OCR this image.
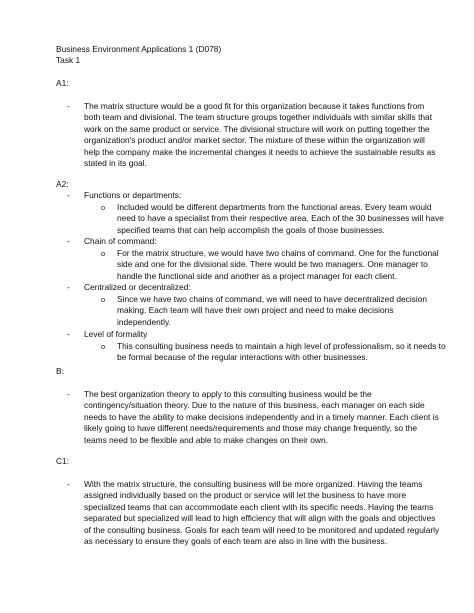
Business Environment Applications 1 (D078)

Task 1

A1:

- The matrix structure would be a good fit for this organization because it takes functions from
both team and divisional. The team structure groups together individuals with similar skills that
work on the same product or service. The divisional structure will work on putting together the
organization's product and/or market sector. The mixture of these within the organization will
help the company make the incremental changes it needs to achieve the sustainable results as
stated in its goal.

A2:

- Functions or departments:

o Included would be different departments from the functional areas. Every team would
need to have a specialist from their respective area. Each of the 30 businesses will have
specified teams that can help accomplish the goals of those businesses.
- Chain of command:

o For the matrix structure, we would have two chains of command. One for the functional
side and one for the divisional side. There would be two managers. One manager to
handle the functional side and another as a project manager for each client.
- Centralized or decentralized:

o Since we have two chains of command, we will need to have decentralized decision
making. Each team will have their own project and need to make decisions
independently.
- Level of formality

o This consulting business needs to maintain a high level of professionalism, so it needs to
be formal because of the regular interactions with other businesses.

B:

- The best organization theory to apply to this consulting business would be the
contingency/situation theory. Due to the nature of this business, each manager on each side
needs to have the ability to make decisions independently and in a timely manner. Each client is
likely going to have different needs/requirements and those may change frequently, so the
teams need to be flexible and able to make changes on their own.

C1:

- With the matrix structure, the consulting business will be more organized. Having the teams
assigned individually based on the product or service will let the business to have more
specialized teams that can accommodate each client with its specific needs. Having the teams
separated but specialized will lead to high efficiency that will align with the goals and objectives
of the consulting business. Goals for each team will need to be monitored and updated regularly
as necessary to ensure they goals of each team are also in line with the business.
